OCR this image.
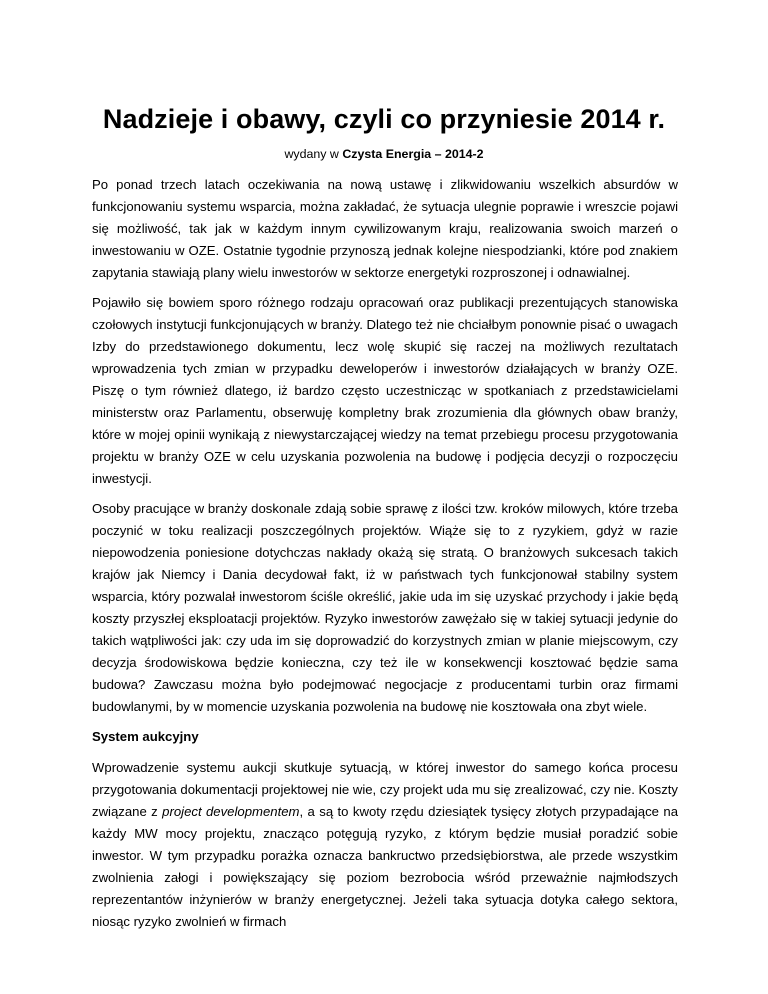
Nadzieje i obawy, czyli co przyniesie 2014 r.

wydany w Czysta Energia – 2014-2

Po ponad trzech latach oczekiwania na nową ustawę i zlikwidowaniu wszelkich absurdów w funkcjonowaniu systemu wsparcia, można zakładać, że sytuacja ulegnie poprawie i wreszcie pojawi się możliwość, tak jak w każdym innym cywilizowanym kraju, realizowania swoich marzeń o inwestowaniu w OZE. Ostatnie tygodnie przynoszą jednak kolejne niespodzianki, które pod znakiem zapytania stawiają plany wielu inwestorów w sektorze energetyki rozproszonej i odnawialnej.

Pojawiło się bowiem sporo różnego rodzaju opracowań oraz publikacji prezentujących stanowiska czołowych instytucji funkcjonujących w branży. Dlatego też nie chciałbym ponownie pisać o uwagach Izby do przedstawionego dokumentu, lecz wolę skupić się raczej na możliwych rezultatach wprowadzenia tych zmian w przypadku deweloperów i inwestorów działających w branży OZE. Piszę o tym również dlatego, iż bardzo często uczestnicząc w spotkaniach z przedstawicielami ministerstw oraz Parlamentu, obserwuję kompletny brak zrozumienia dla głównych obaw branży, które w mojej opinii wynikają z niewystarczającej wiedzy na temat przebiegu procesu przygotowania projektu w branży OZE w celu uzyskania pozwolenia na budowę i podjęcia decyzji o rozpoczęciu inwestycji.

Osoby pracujące w branży doskonale zdają sobie sprawę z ilości tzw. kroków milowych, które trzeba poczynić w toku realizacji poszczególnych projektów. Wiąże się to z ryzykiem, gdyż w razie niepowodzenia poniesione dotychczas nakłady okażą się stratą. O branżowych sukcesach takich krajów jak Niemcy i Dania decydował fakt, iż w państwach tych funkcjonował stabilny system wsparcia, który pozwalał inwestorom ściśle określić, jakie uda im się uzyskać przychody i jakie będą koszty przyszłej eksploatacji projektów. Ryzyko inwestorów zawężało się w takiej sytuacji jedynie do takich wątpliwości jak: czy uda im się doprowadzić do korzystnych zmian w planie miejscowym, czy decyzja środowiskowa będzie konieczna, czy też ile w konsekwencji kosztować będzie sama budowa? Zawczasu można było podejmować negocjacje z producentami turbin oraz firmami budowlanymi, by w momencie uzyskania pozwolenia na budowę nie kosztowała ona zbyt wiele.

System aukcyjny

Wprowadzenie systemu aukcji skutkuje sytuacją, w której inwestor do samego końca procesu przygotowania dokumentacji projektowej nie wie, czy projekt uda mu się zrealizować, czy nie. Koszty związane z project developmentem, a są to kwoty rzędu dziesiątek tysięcy złotych przypadające na każdy MW mocy projektu, znacząco potęgują ryzyko, z którym będzie musiał poradzić sobie inwestor. W tym przypadku porażka oznacza bankructwo przedsiębiorstwa, ale przede wszystkim zwolnienia załogi i powiększający się poziom bezrobocia wśród przeważnie najmłodszych reprezentantów inżynierów w branży energetycznej. Jeżeli taka sytuacja dotyka całego sektora, niosąc ryzyko zwolnień w firmach
